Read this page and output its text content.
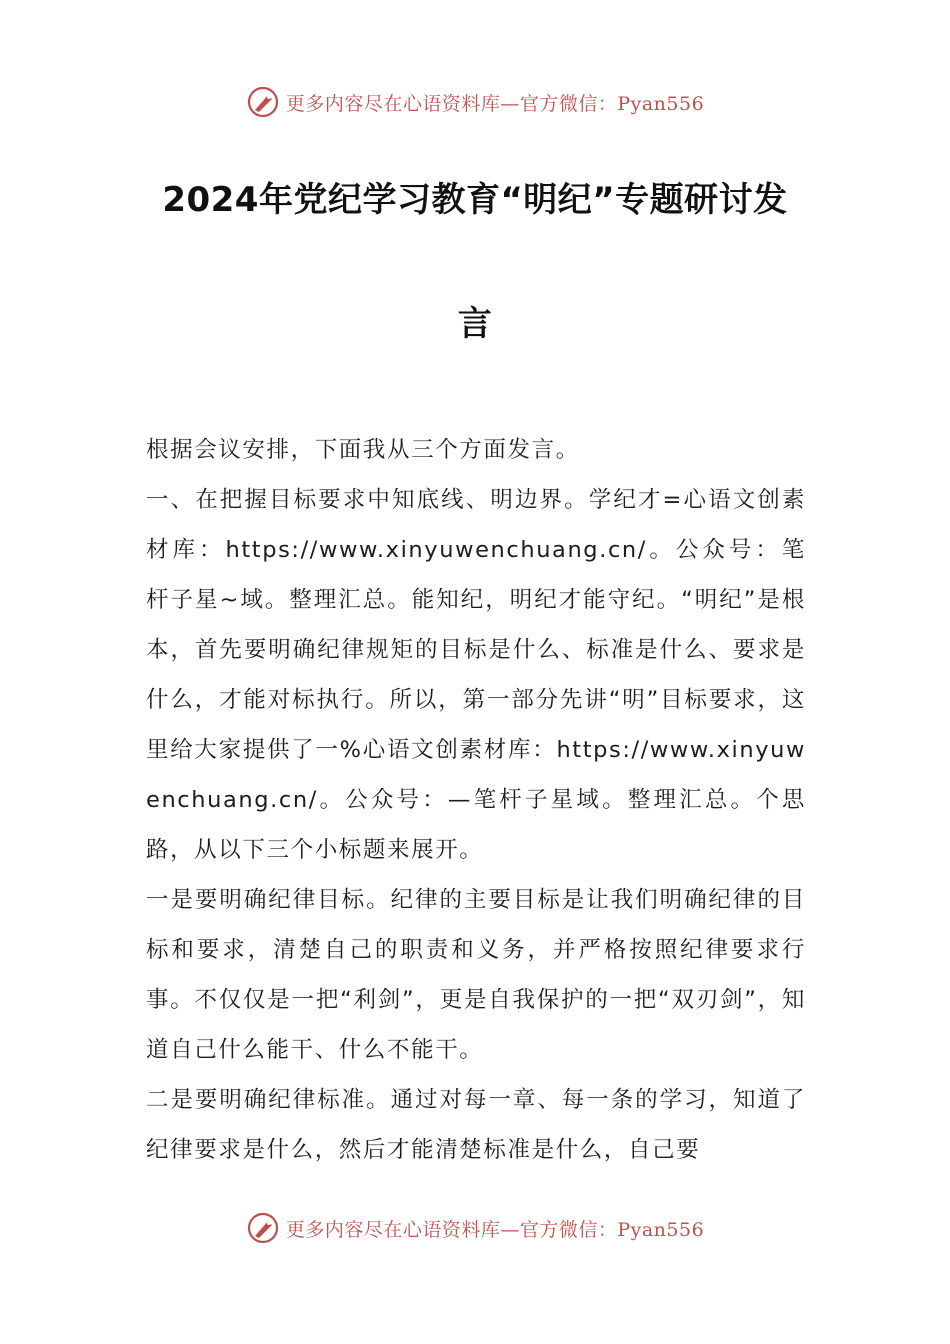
更多内容尽在心语资料库—官方微信：Pyan556
2024年党纪学习教育“明纪”专题研讨发
言

根据会议安排，下面我从三个方面发言。

一、在把握目标要求中知底线、明边界。学纪才=心语文创素材库：https://www.xinyuwenchuang.cn/。公众号：笔杆子星~域。整理汇总。能知纪，明纪才能守纪。“明纪”是根本，首先要明确纪律规矩的目标是什么、标准是什么、要求是什么，才能对标执行。所以，第一部分先讲“明”目标要求，这里给大家提供了一%心语文创素材库：https://www.xinyuwenchuang.cn/。公众号：—笔杆子星域。整理汇总。个思路，从以下三个小标题来展开。

一是要明确纪律目标。纪律的主要目标是让我们明确纪律的目标和要求，清楚自己的职责和义务，并严格按照纪律要求行事。不仅仅是一把“利剑”，更是自我保护的一把“双刃剑”，知道自己什么能干、什么不能干。

二是要明确纪律标准。通过对每一章、每一条的学习，知道了纪律要求是什么，然后才能清楚标准是什么，自己要

更多内容尽在心语资料库—官方微信：Pyan556
